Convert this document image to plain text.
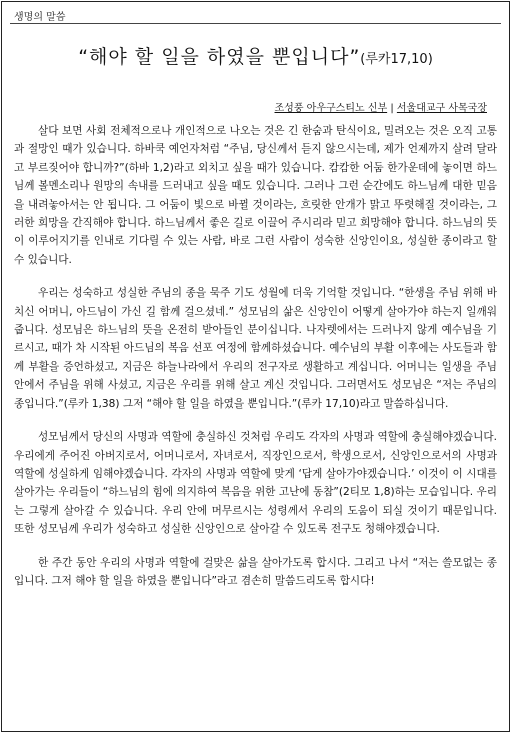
생명의 말씀
“해야 할 일을 하였을 뿐입니다”(루카17,10)
조성풍 아우구스티노 신부 | 서울대교구 사목국장

살다 보면 사회 전체적으로나 개인적으로 나오는 것은 긴 한숨과 탄식이요, 밀려오는 것은 오직 고통과 절망인 때가 있습니다. 하바쿡 예언자처럼 “주님, 당신께서 듣지 않으시는데, 제가 언제까지 살려 달라고 부르짖어야 합니까?”(하바 1,2)라고 외치고 싶을 때가 있습니다. 캄캄한 어둠 한가운데에 놓이면 하느님께 볼멘소리나 원망의 속내를 드러내고 싶을 때도 있습니다. 그러나 그런 순간에도 하느님께 대한 믿음을 내려놓아서는 안 됩니다. 그 어둠이 빛으로 바뀔 것이라는, 흐릿한 안개가 맑고 뚜렷해질 것이라는, 그러한 희망을 간직해야 합니다. 하느님께서 좋은 길로 이끌어 주시리라 믿고 희망해야 합니다. 하느님의 뜻이 이루어지기를 인내로 기다릴 수 있는 사람, 바로 그런 사람이 성숙한 신앙인이요, 성실한 종이라고 할 수 있습니다.

우리는 성숙하고 성실한 주님의 종을 묵주 기도 성월에 더욱 기억할 것입니다. “한생을 주님 위해 바치신 어머니, 아드님이 가신 길 함께 걸으셨네.” 성모님의 삶은 신앙인이 어떻게 살아가야 하는지 일깨워 줍니다. 성모님은 하느님의 뜻을 온전히 받아들인 분이십니다. 나자렛에서는 드러나지 않게 예수님을 기르시고, 때가 차 시작된 아드님의 복음 선포 여정에 함께하셨습니다. 예수님의 부활 이후에는 사도들과 함께 부활을 증언하셨고, 지금은 하늘나라에서 우리의 전구자로 생활하고 계십니다. 어머니는 일생을 주님 안에서 주님을 위해 사셨고, 지금은 우리를 위해 살고 계신 것입니다. 그러면서도 성모님은 “저는 주님의 종입니다.”(루카 1,38) 그저 “해야 할 일을 하였을 뿐입니다.”(루카 17,10)라고 말씀하십니다.

성모님께서 당신의 사명과 역할에 충실하신 것처럼 우리도 각자의 사명과 역할에 충실해야겠습니다. 우리에게 주어진 아버지로서, 어머니로서, 자녀로서, 직장인으로서, 학생으로서, 신앙인으로서의 사명과 역할에 성실하게 임해야겠습니다. 각자의 사명과 역할에 맞게 ‘답게 살아가야겠습니다.’ 이것이 이 시대를 살아가는 우리들이 “하느님의 힘에 의지하여 복음을 위한 고난에 동참”(2티모 1,8)하는 모습입니다. 우리는 그렇게 살아갈 수 있습니다. 우리 안에 머무르시는 성령께서 우리의 도움이 되실 것이기 때문입니다. 또한 성모님께 우리가 성숙하고 성실한 신앙인으로 살아갈 수 있도록 전구도 청해야겠습니다.

한 주간 동안 우리의 사명과 역할에 걸맞은 삶을 살아가도록 합시다. 그리고 나서 “저는 쓸모없는 종입니다. 그저 해야 할 일을 하였을 뿐입니다”라고 겸손히 말씀드리도록 합시다!
